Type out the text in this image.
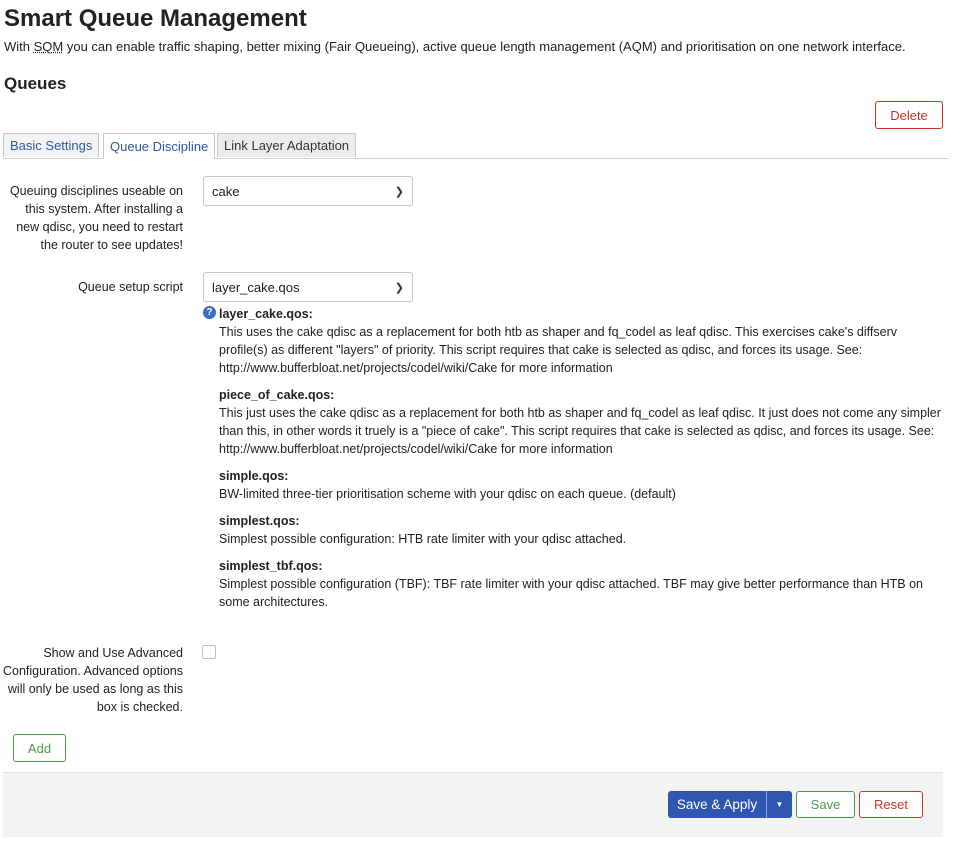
Smart Queue Management
With SQM you can enable traffic shaping, better mixing (Fair Queueing), active queue length management (AQM) and prioritisation on one network interface.
Queues
Delete
Basic Settings	Queue Discipline	Link Layer Adaptation
Queuing disciplines useable on this system. After installing a new qdisc, you need to restart the router to see updates!
cake	❯
Queue setup script layer_cake.qos	❯
? layer_cake.qos:
This uses the cake qdisc as a replacement for both htb as shaper and fq_codel as leaf qdisc. This exercises cake's diffserv profile(s) as different "layers" of priority. This script requires that cake is selected as qdisc, and forces its usage. See: http://www.bufferbloat.net/projects/codel/wiki/Cake for more information
piece_of_cake.qos:
This just uses the cake qdisc as a replacement for both htb as shaper and fq_codel as leaf qdisc. It just does not come any simpler than this, in other words it truely is a "piece of cake". This script requires that cake is selected as qdisc, and forces its usage. See: http://www.bufferbloat.net/projects/codel/wiki/Cake for more information
simple.qos:
BW-limited three-tier prioritisation scheme with your qdisc on each queue. (default)
simplest.qos:
Simplest possible configuration: HTB rate limiter with your qdisc attached.
simplest_tbf.qos:
Simplest possible configuration (TBF): TBF rate limiter with your qdisc attached. TBF may give better performance than HTB on some architectures.
Show and Use Advanced Configuration. Advanced options will only be used as long as this box is checked.
Add
Save & Apply	▼	Save	Reset
